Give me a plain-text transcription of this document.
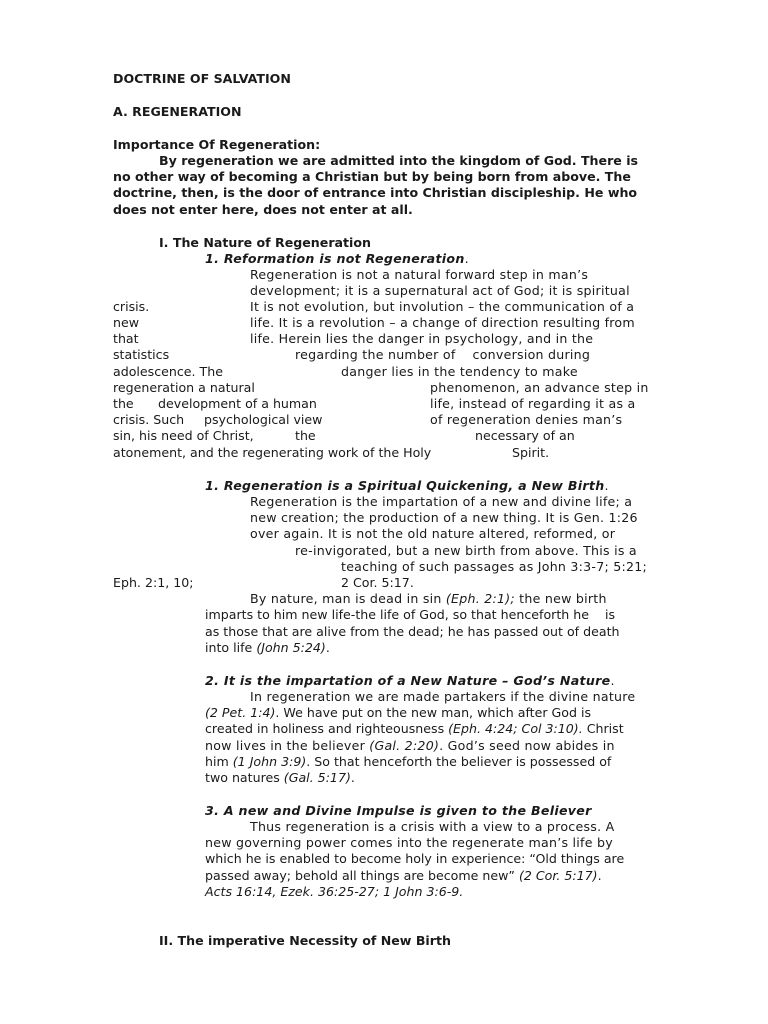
DOCTRINE OF SALVATION
A. REGENERATION
Importance Of Regeneration:
By regeneration we are admitted into the kingdom of God. There is
no other way of becoming a Christian but by being born from above. The
doctrine, then, is the door of entrance into Christian discipleship. He who
does not enter here, does not enter at all.
I. The Nature of Regeneration
1. Reformation is not Regeneration.
Regeneration is not a natural forward step in man’s
development; it is a supernatural act of God; it is spiritual
crisis.	It is not evolution, but involution – the communication of a
new	life. It is a revolution – a change of direction resulting from
that	life. Herein lies the danger in psychology, and in the
statistics	regarding the number of    conversion during
adolescence. The	danger lies in the tendency to make
regeneration a natural	phenomenon, an advance step in
the development of a human	life, instead of regarding it as a
crisis. Such psychological view	of regeneration denies man’s
sin, his need of Christ,	the	necessary of an
atonement, and the regenerating work of the Holy	Spirit.
1. Regeneration is a Spiritual Quickening, a New Birth.
Regeneration is the impartation of a new and divine life; a
new creation; the production of a new thing. It is Gen. 1:26
over again. It is not the old nature altered, reformed, or
re-invigorated, but a new birth from above. This is a
teaching of such passages as John 3:3-7; 5:21;
Eph. 2:1, 10;	2 Cor. 5:17.
By nature, man is dead in sin (Eph. 2:1); the new birth
imparts to him new life-the life of God, so that henceforth he    is
as those that are alive from the dead; he has passed out of death
into life (John 5:24).
2. It is the impartation of a New Nature – God’s Nature.
In regeneration we are made partakers if the divine nature
(2 Pet. 1:4). We have put on the new man, which after God is
created in holiness and righteousness (Eph. 4:24; Col 3:10). Christ
now lives in the believer (Gal. 2:20). God’s seed now abides in
him (1 John 3:9). So that henceforth the believer is possessed of
two natures (Gal. 5:17).
3. A new and Divine Impulse is given to the Believer
Thus regeneration is a crisis with a view to a process. A
new governing power comes into the regenerate man’s life by
which he is enabled to become holy in experience: “Old things are
passed away; behold all things are become new” (2 Cor. 5:17).
Acts 16:14, Ezek. 36:25-27; 1 John 3:6-9.
II. The imperative Necessity of New Birth
